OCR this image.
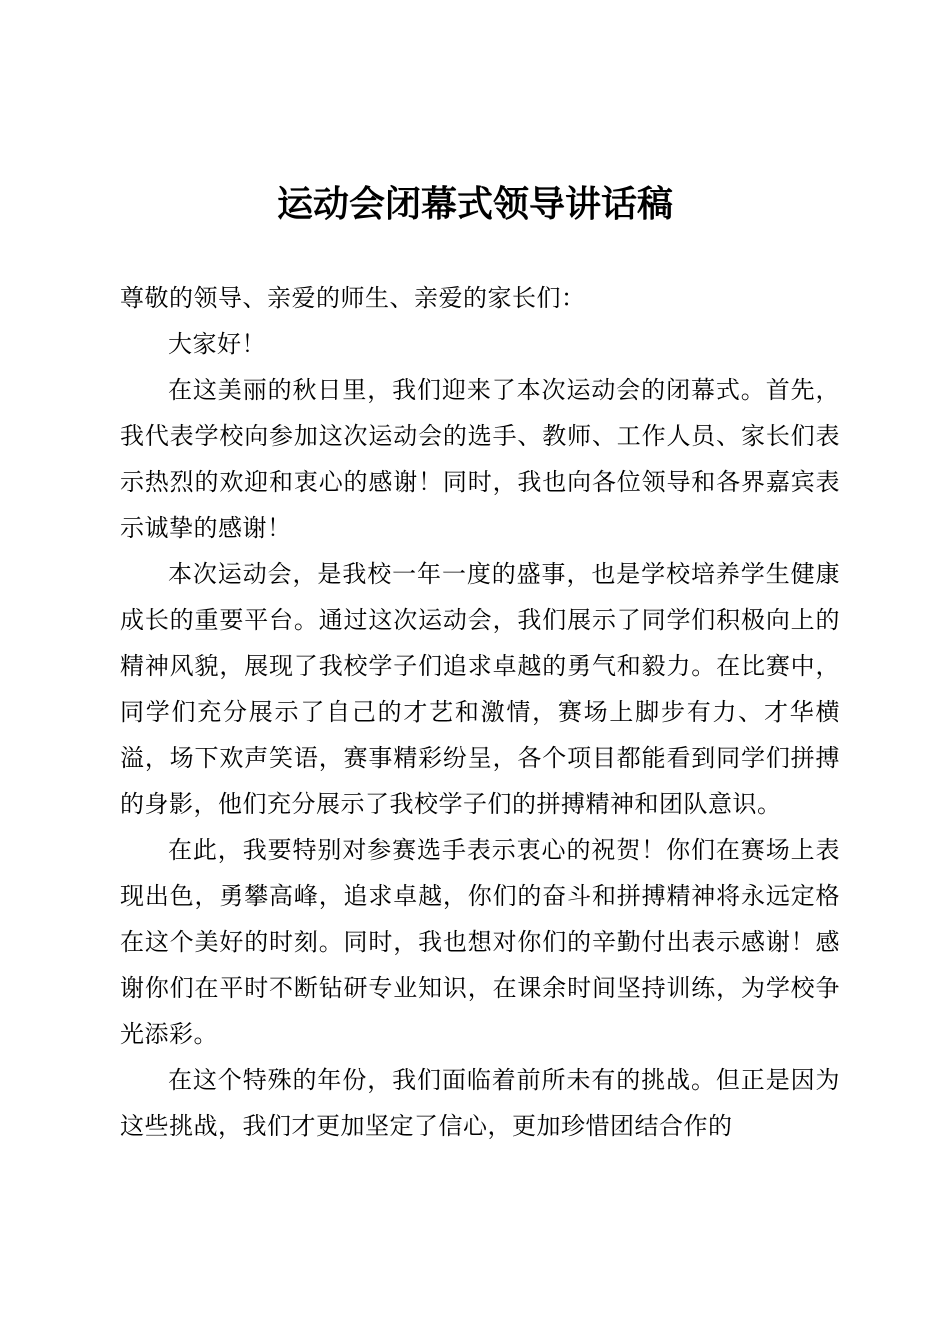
运动会闭幕式领导讲话稿

尊敬的领导、亲爱的师生、亲爱的家长们：

大家好！

在这美丽的秋日里，我们迎来了本次运动会的闭幕式。首先，我代表学校向参加这次运动会的选手、教师、工作人员、家长们表示热烈的欢迎和衷心的感谢！同时，我也向各位领导和各界嘉宾表示诚挚的感谢！

本次运动会，是我校一年一度的盛事，也是学校培养学生健康成长的重要平台。通过这次运动会，我们展示了同学们积极向上的精神风貌，展现了我校学子们追求卓越的勇气和毅力。在比赛中，同学们充分展示了自己的才艺和激情，赛场上脚步有力、才华横溢，场下欢声笑语，赛事精彩纷呈，各个项目都能看到同学们拼搏的身影，他们充分展示了我校学子们的拼搏精神和团队意识。

在此，我要特别对参赛选手表示衷心的祝贺！你们在赛场上表现出色，勇攀高峰，追求卓越，你们的奋斗和拼搏精神将永远定格在这个美好的时刻。同时，我也想对你们的辛勤付出表示感谢！感谢你们在平时不断钻研专业知识，在课余时间坚持训练，为学校争光添彩。

在这个特殊的年份，我们面临着前所未有的挑战。但正是因为这些挑战，我们才更加坚定了信心，更加珍惜团结合作的
